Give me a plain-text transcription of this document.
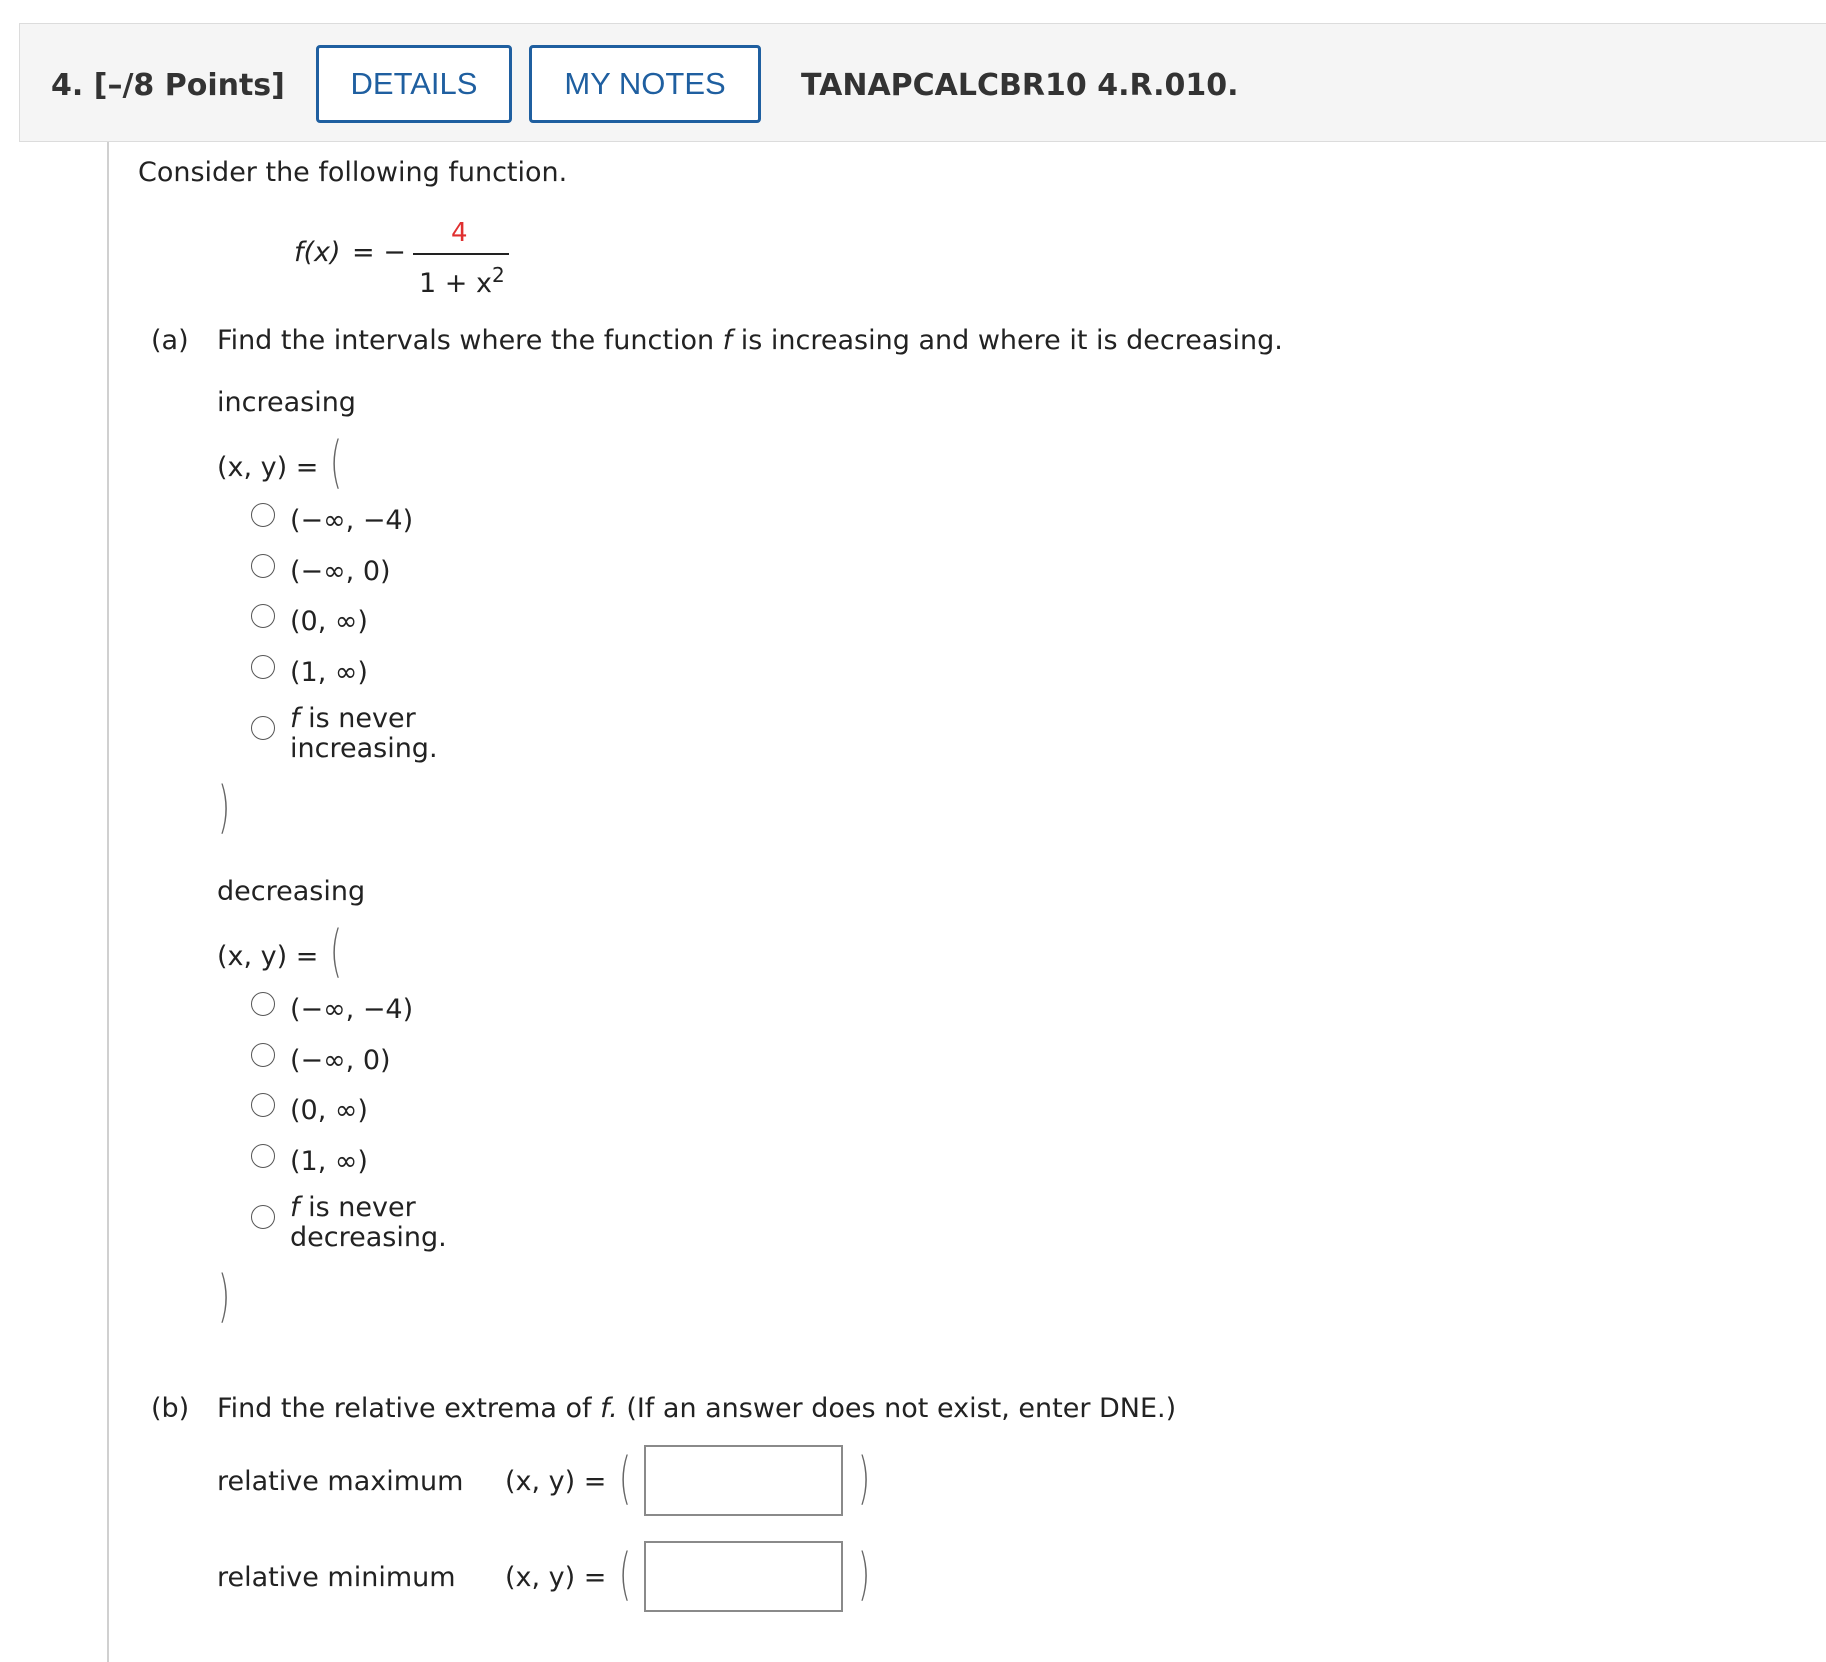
4. [–/8 Points]	DETAILS	MY NOTES	TANAPCALCBR10 4.R.010.
Consider the following function.
f(x) = −
4
$1 + x^2$
(a) Find the intervals where the function f is increasing and where it is decreasing.
increasing
(x, y) = (
(−∞, −4)
(−∞, 0)
(0, ∞)
(1, ∞)
f is never
increasing.
)
decreasing
(x, y) = (
(−∞, −4)
(−∞, 0)
(0, ∞)
(1, ∞)
f is never
decreasing.
)
(b) Find the relative extrema of f. (If an answer does not exist, enter DNE.)
relative maximum (x, y) = (	)
relative minimum (x, y) = (	)
